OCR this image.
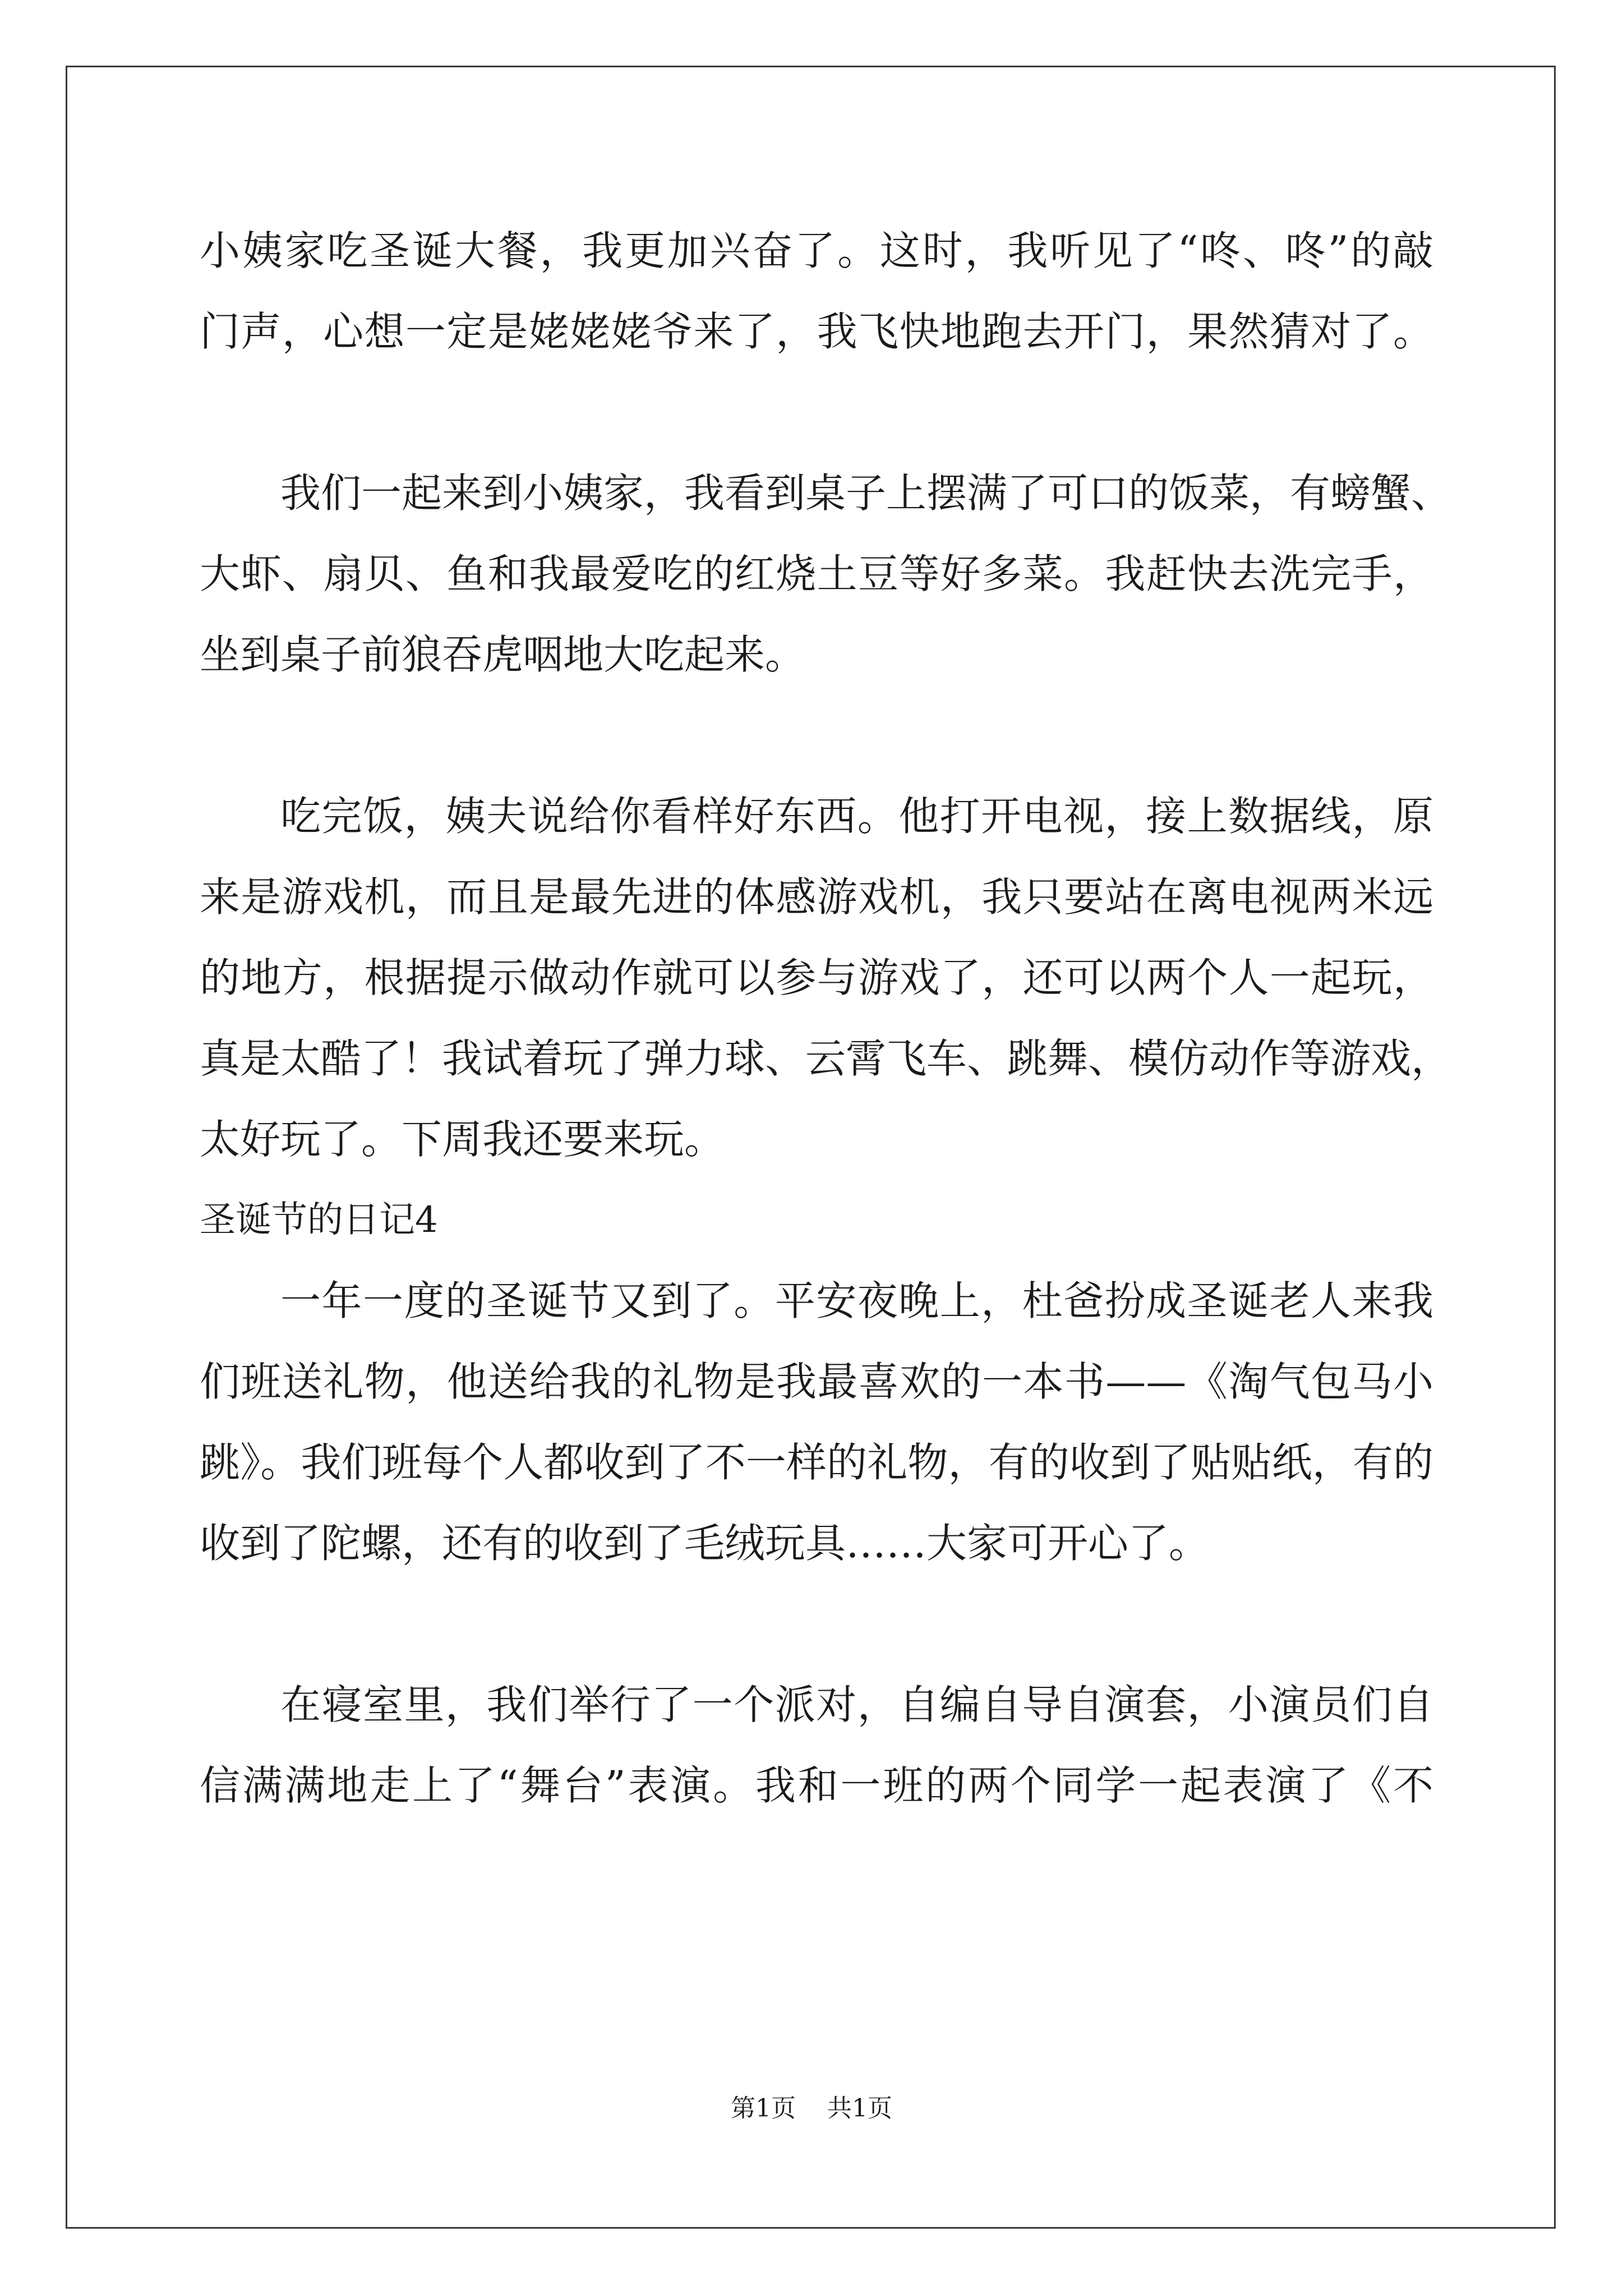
小姨家吃圣诞大餐，我更加兴奋了。这时，我听见了“咚、咚”的敲
门声，心想一定是姥姥姥爷来了，我飞快地跑去开门，果然猜对了。
我们一起来到小姨家，我看到桌子上摆满了可口的饭菜，有螃蟹、
大虾、扇贝、鱼和我最爱吃的红烧土豆等好多菜。我赶快去洗完手，
坐到桌子前狼吞虎咽地大吃起来。
吃完饭，姨夫说给你看样好东西。他打开电视，接上数据线，原
来是游戏机，而且是最先进的体感游戏机，我只要站在离电视两米远
的地方，根据提示做动作就可以参与游戏了，还可以两个人一起玩，
真是太酷了！我试着玩了弹力球、云霄飞车、跳舞、模仿动作等游戏，
太好玩了。下周我还要来玩。
圣诞节的日记4
一年一度的圣诞节又到了。平安夜晚上，杜爸扮成圣诞老人来我
们班送礼物，他送给我的礼物是我最喜欢的一本书——《淘气包马小
跳》。我们班每个人都收到了不一样的礼物，有的收到了贴贴纸，有的
收到了陀螺，还有的收到了毛绒玩具……大家可开心了。
在寝室里，我们举行了一个派对，自编自导自演套，小演员们自
信满满地走上了“舞台”表演。我和一班的两个同学一起表演了《不
第1页 共1页
